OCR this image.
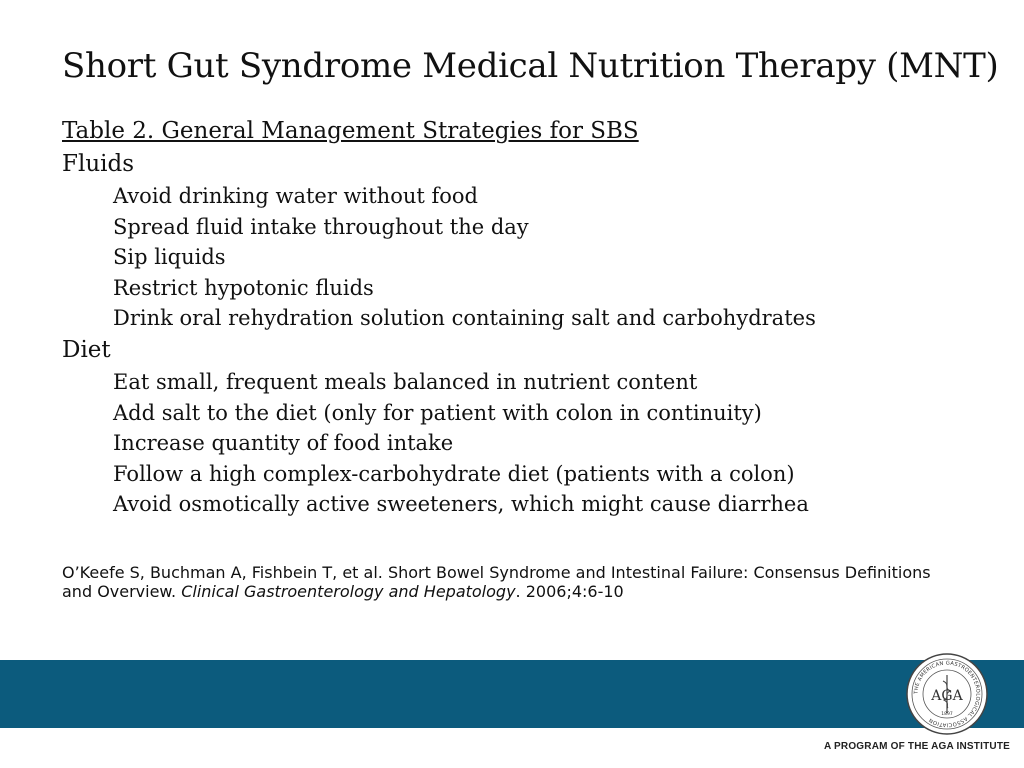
Short Gut Syndrome Medical Nutrition Therapy (MNT)
Table 2. General Management Strategies for SBS
Fluids
Avoid drinking water without food
Spread fluid intake throughout the day
Sip liquids
Restrict hypotonic fluids
Drink oral rehydration solution containing salt and carbohydrates
Diet
Eat small, frequent meals balanced in nutrient content
Add salt to the diet (only for patient with colon in continuity)
Increase quantity of food intake
Follow a high complex-carbohydrate diet (patients with a colon)
Avoid osmotically active sweeteners, which might cause diarrhea
O’Keefe S, Buchman A, Fishbein T, et al. Short Bowel Syndrome and Intestinal Failure: Consensus Definitions and Overview. Clinical Gastroenterology and Hepatology. 2006;4:6-10
THE AMERICAN GASTROENTEROLOGICAL ASSOCIATION
AGA
1897
A PROGRAM OF THE AGA INSTITUTE
